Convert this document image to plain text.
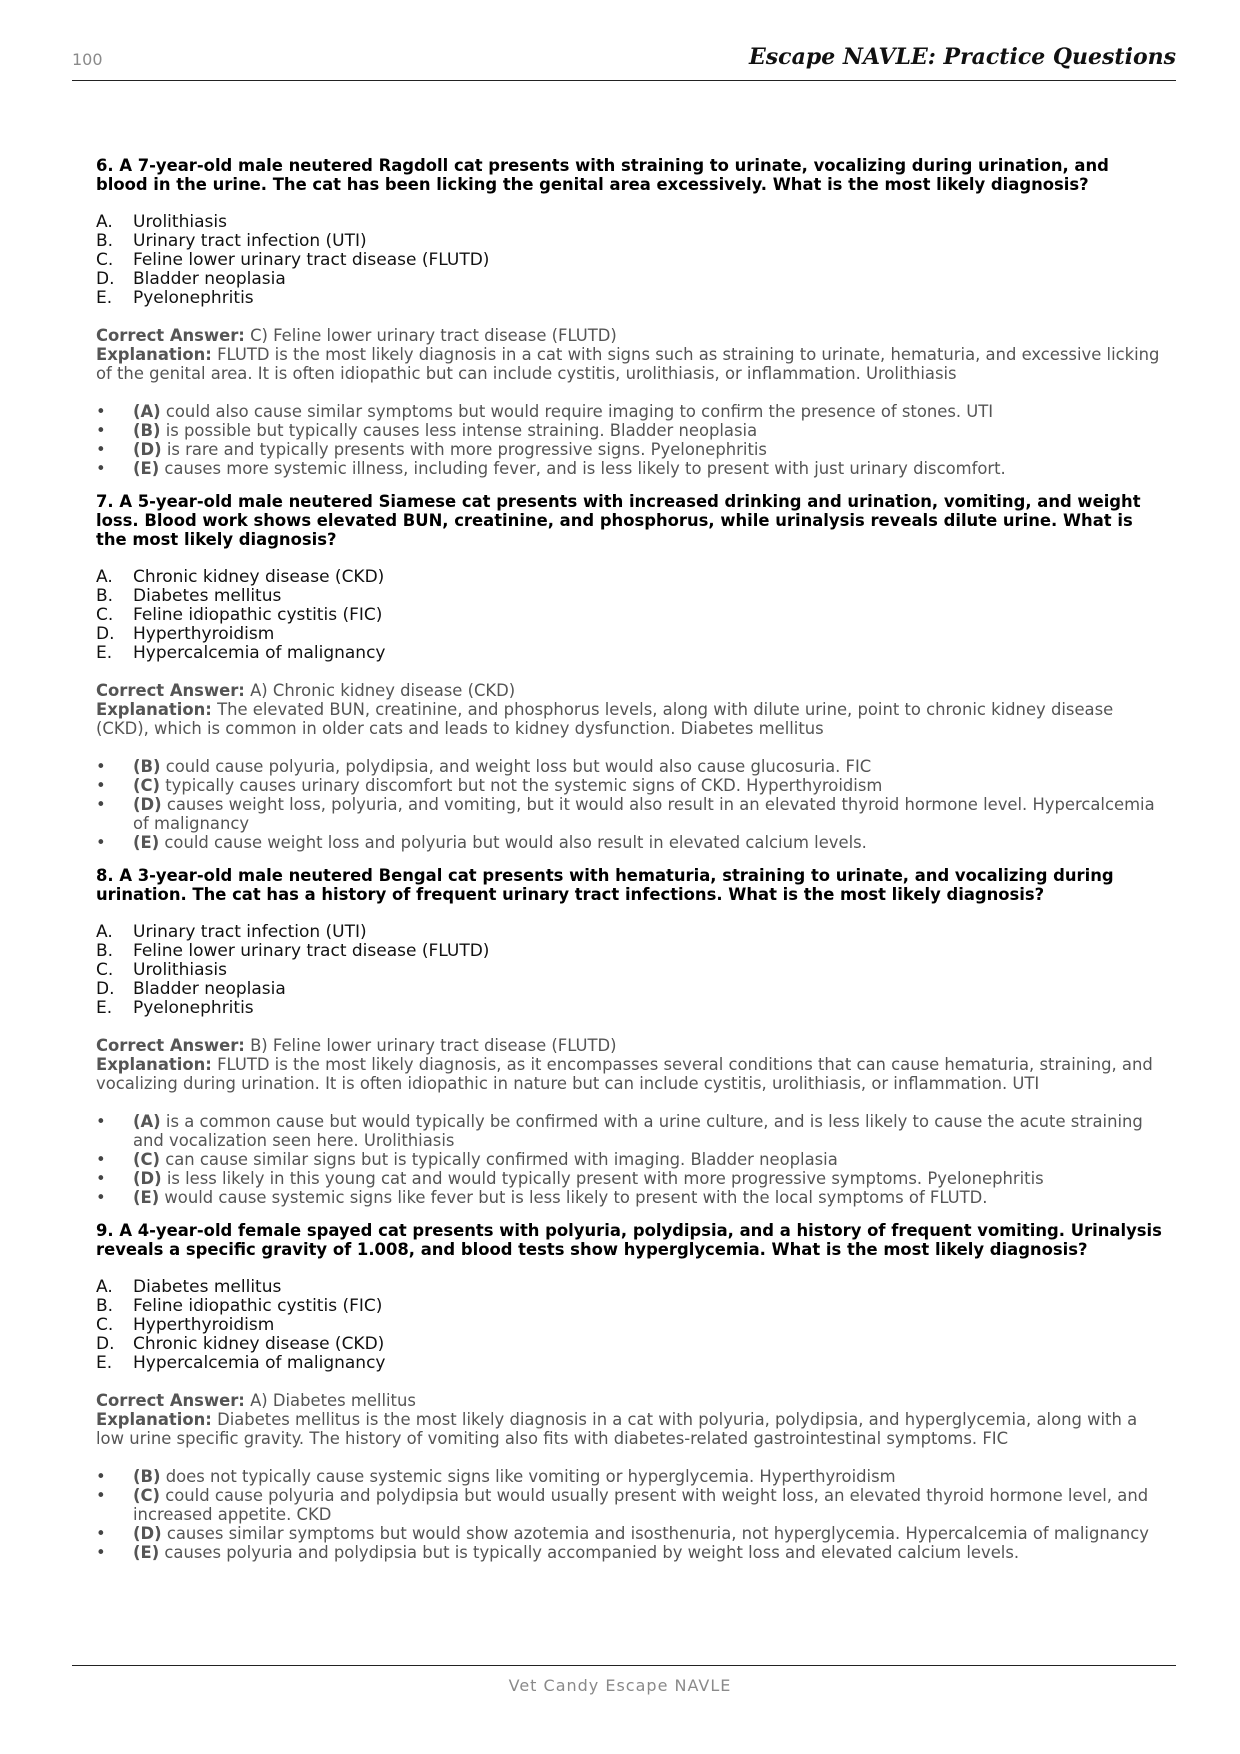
100	Escape NAVLE: Practice Questions

6. A 7-year-old male neutered Ragdoll cat presents with straining to urinate, vocalizing during urination, and blood in the urine. The cat has been licking the genital area excessively. What is the most likely diagnosis?

A.	Urolithiasis
B.	Urinary tract infection (UTI)
C.	Feline lower urinary tract disease (FLUTD)
D.	Bladder neoplasia
E.	Pyelonephritis
Correct Answer: C) Feline lower urinary tract disease (FLUTD)
Explanation: FLUTD is the most likely diagnosis in a cat with signs such as straining to urinate, hematuria, and excessive licking of the genital area. It is often idiopathic but can include cystitis, urolithiasis, or inflammation. Urolithiasis
• (A) could also cause similar symptoms but would require imaging to confirm the presence of stones. UTI
• (B) is possible but typically causes less intense straining. Bladder neoplasia
• (D) is rare and typically presents with more progressive signs. Pyelonephritis
• (E) causes more systemic illness, including fever, and is less likely to present with just urinary discomfort.

7. A 5-year-old male neutered Siamese cat presents with increased drinking and urination, vomiting, and weight loss. Blood work shows elevated BUN, creatinine, and phosphorus, while urinalysis reveals dilute urine. What is the most likely diagnosis?

A.	Chronic kidney disease (CKD)
B.	Diabetes mellitus
C.	Feline idiopathic cystitis (FIC)
D.	Hyperthyroidism
E.	Hypercalcemia of malignancy
Correct Answer: A) Chronic kidney disease (CKD)
Explanation: The elevated BUN, creatinine, and phosphorus levels, along with dilute urine, point to chronic kidney disease (CKD), which is common in older cats and leads to kidney dysfunction. Diabetes mellitus
• (B) could cause polyuria, polydipsia, and weight loss but would also cause glucosuria. FIC
• (C) typically causes urinary discomfort but not the systemic signs of CKD. Hyperthyroidism
• (D) causes weight loss, polyuria, and vomiting, but it would also result in an elevated thyroid hormone level. Hypercalcemia of malignancy
• (E) could cause weight loss and polyuria but would also result in elevated calcium levels.

8. A 3-year-old male neutered Bengal cat presents with hematuria, straining to urinate, and vocalizing during urination. The cat has a history of frequent urinary tract infections. What is the most likely diagnosis?

A.	Urinary tract infection (UTI)
B.	Feline lower urinary tract disease (FLUTD)
C.	Urolithiasis
D.	Bladder neoplasia
E.	Pyelonephritis
Correct Answer: B) Feline lower urinary tract disease (FLUTD)
Explanation: FLUTD is the most likely diagnosis, as it encompasses several conditions that can cause hematuria, straining, and vocalizing during urination. It is often idiopathic in nature but can include cystitis, urolithiasis, or inflammation. UTI
• (A) is a common cause but would typically be confirmed with a urine culture, and is less likely to cause the acute straining and vocalization seen here. Urolithiasis
• (C) can cause similar signs but is typically confirmed with imaging. Bladder neoplasia
• (D) is less likely in this young cat and would typically present with more progressive symptoms. Pyelonephritis
• (E) would cause systemic signs like fever but is less likely to present with the local symptoms of FLUTD.

9. A 4-year-old female spayed cat presents with polyuria, polydipsia, and a history of frequent vomiting. Urinalysis reveals a specific gravity of 1.008, and blood tests show hyperglycemia. What is the most likely diagnosis?

A.	Diabetes mellitus
B.	Feline idiopathic cystitis (FIC)
C.	Hyperthyroidism
D.	Chronic kidney disease (CKD)
E.	Hypercalcemia of malignancy
Correct Answer: A) Diabetes mellitus
Explanation: Diabetes mellitus is the most likely diagnosis in a cat with polyuria, polydipsia, and hyperglycemia, along with a low urine specific gravity. The history of vomiting also fits with diabetes-related gastrointestinal symptoms. FIC
• (B) does not typically cause systemic signs like vomiting or hyperglycemia. Hyperthyroidism
• (C) could cause polyuria and polydipsia but would usually present with weight loss, an elevated thyroid hormone level, and increased appetite. CKD
• (D) causes similar symptoms but would show azotemia and isosthenuria, not hyperglycemia. Hypercalcemia of malignancy
• (E) causes polyuria and polydipsia but is typically accompanied by weight loss and elevated calcium levels.
Vet Candy Escape NAVLE
